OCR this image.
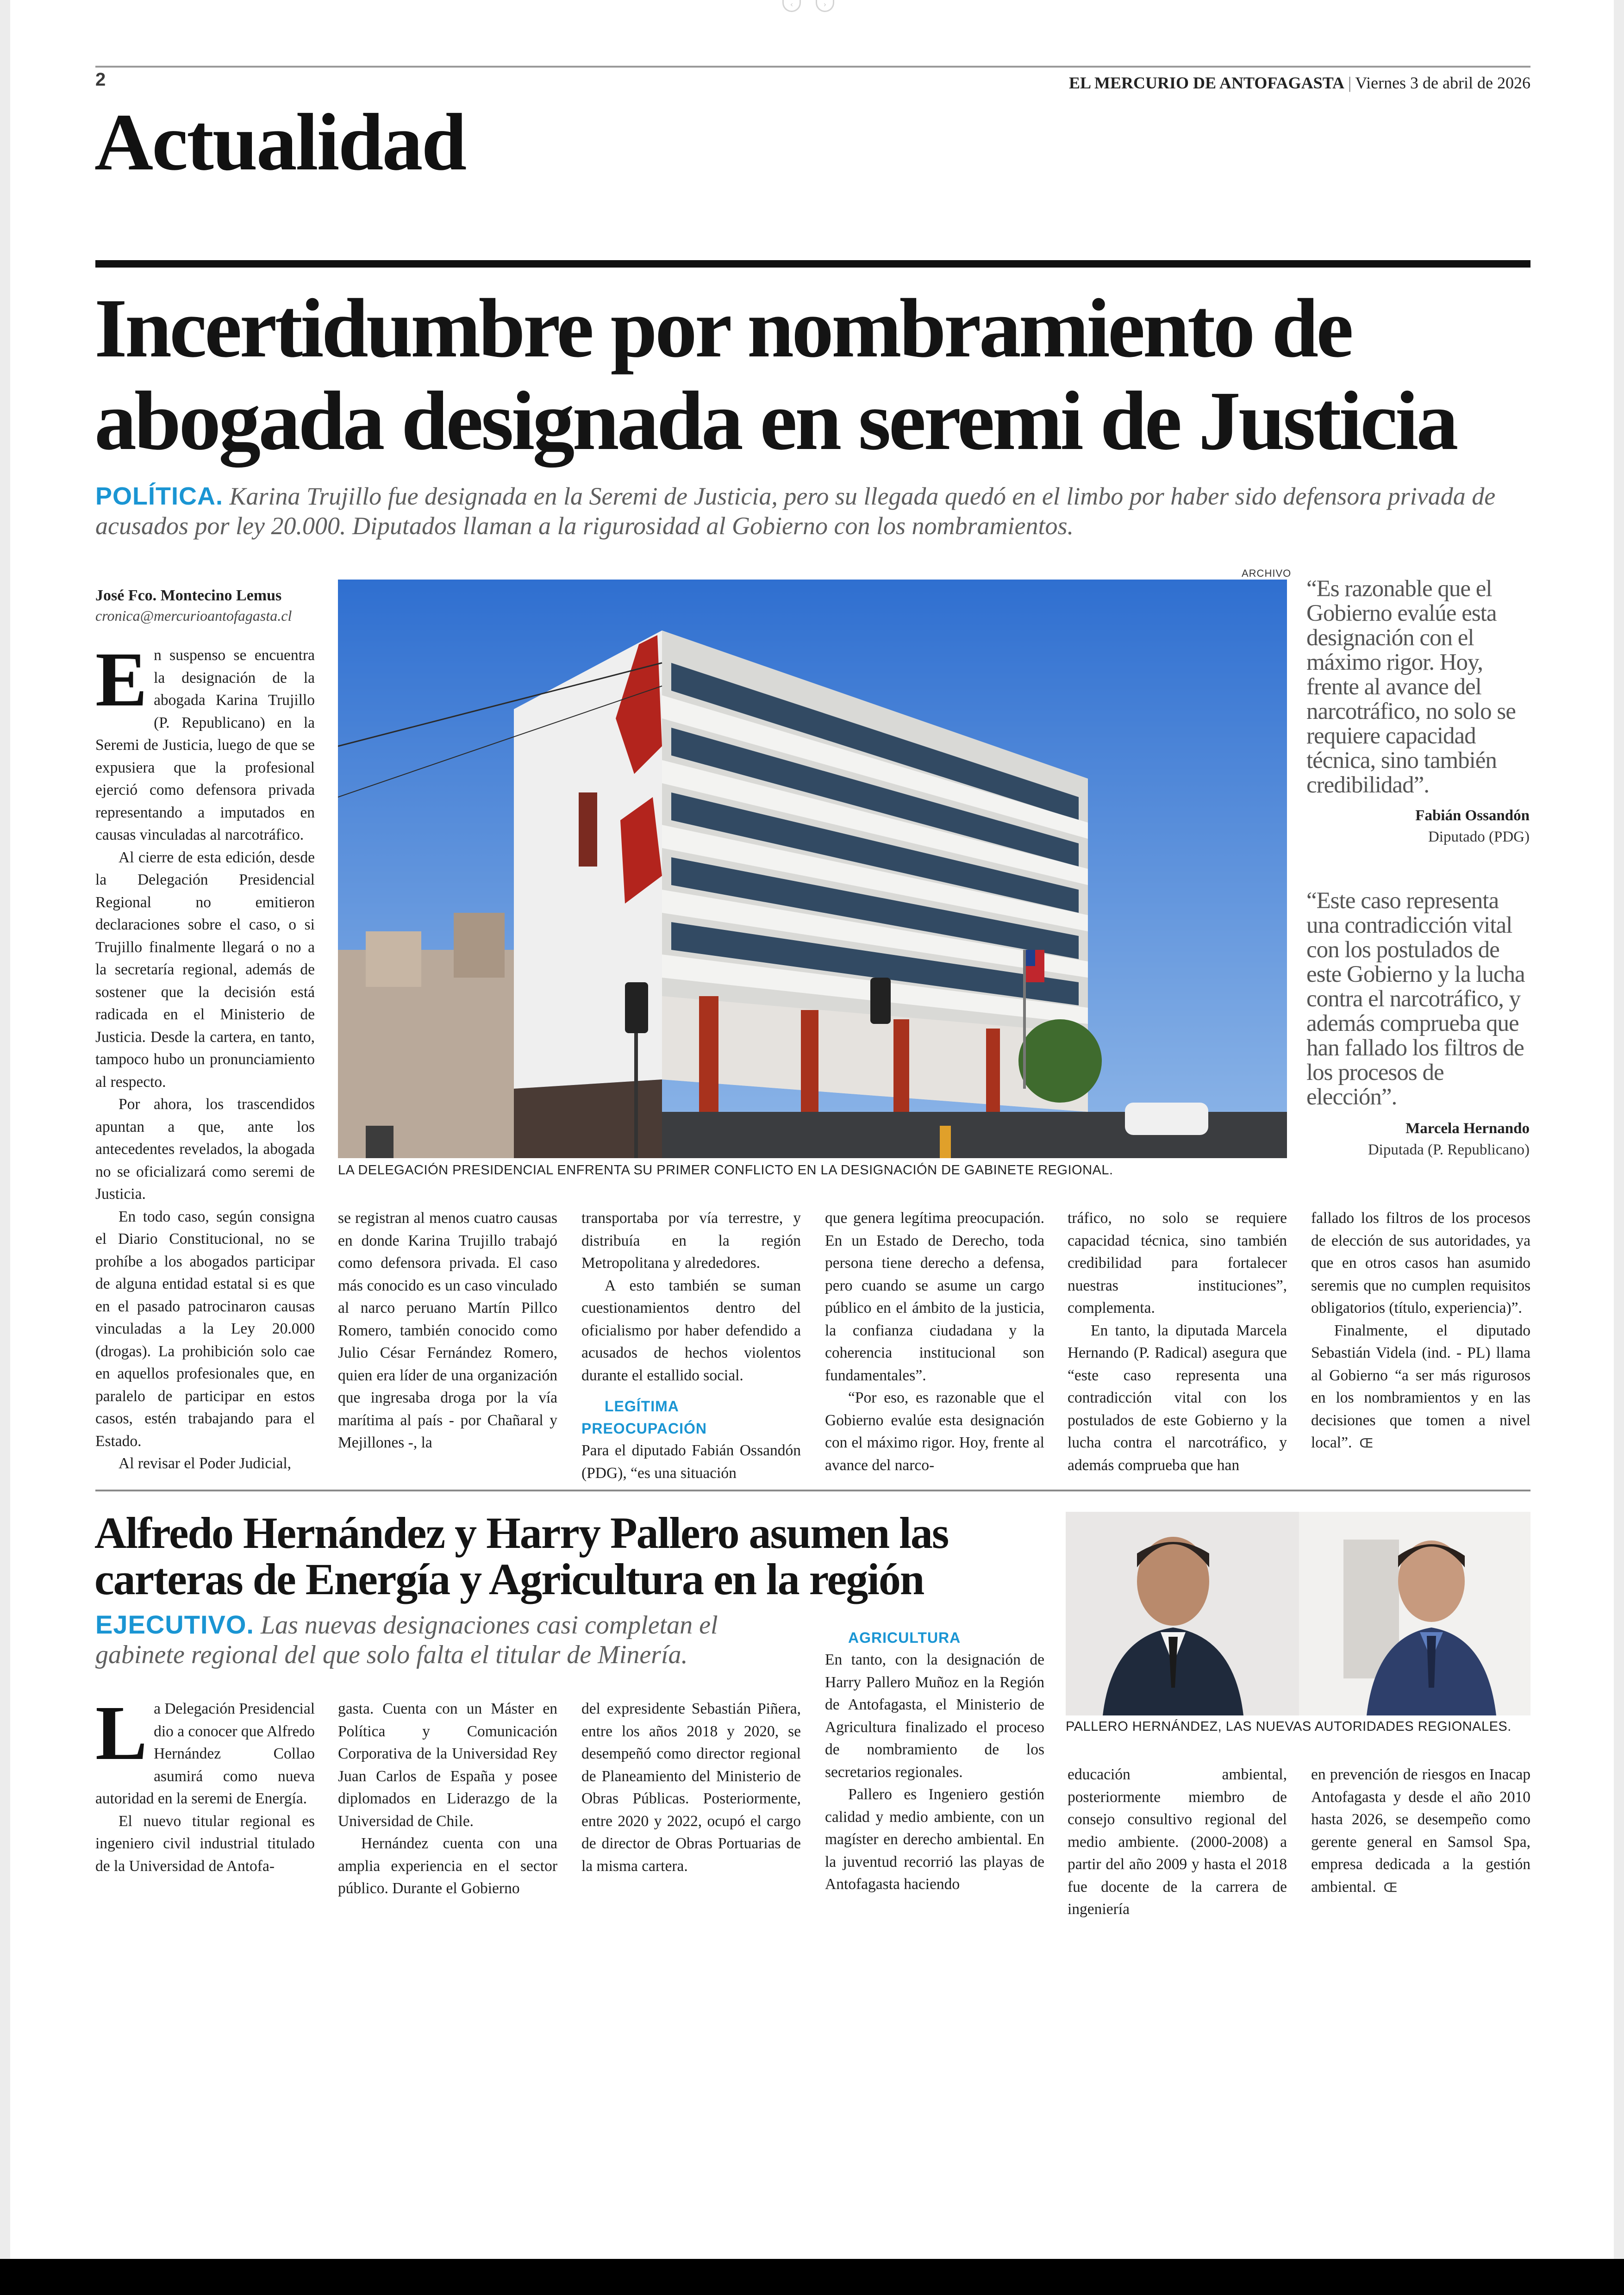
‹	›
2	EL MERCURIO DE ANTOFAGASTA | Viernes 3 de abril de 2026
Actualidad
Incertidumbre por nombramiento de
abogada designada en seremi de Justicia
POLÍTICA. Karina Trujillo fue designada en la Seremi de Justicia, pero su llegada quedó en el limbo por haber sido defensora privada de acusados por ley 20.000. Diputados llaman a la rigurosidad al Gobierno con los nombramientos.
José Fco. Montecino Lemus
cronica@mercurioantofagasta.cl

En suspenso se encuentra la designación de la abogada Karina Trujillo (P. Republicano) en la Seremi de Justicia, luego de que se expusiera que la profesional ejerció como defensora privada representando a imputados en causas vinculadas al narcotráfico.

Al cierre de esta edición, desde la Delegación Presidencial Regional no emitieron declaraciones sobre el caso, o si Trujillo finalmente llegará o no a la secretaría regional, además de sostener que la decisión está radicada en el Ministerio de Justicia. Desde la cartera, en tanto, tampoco hubo un pronunciamiento al respecto.

Por ahora, los trascendidos apuntan a que, ante los antecedentes revelados, la abogada no se oficializará como seremi de Justicia.

En todo caso, según consigna el Diario Constitucional, no se prohíbe a los abogados participar de alguna entidad estatal si es que en el pasado patrocinaron causas vinculadas a la Ley 20.000 (drogas). La prohibición solo cae en aquellos profesionales que, en paralelo de participar en estos casos, estén trabajando para el Estado.

Al revisar el Poder Judicial,

ARCHIVO
LA DELEGACIÓN PRESIDENCIAL ENFRENTA SU PRIMER CONFLICTO EN LA DESIGNACIÓN DE GABINETE REGIONAL.
“Es razonable que el Gobierno evalúe esta designación con el máximo rigor. Hoy, frente al avance del narcotráfico, no solo se requiere capacidad técnica, sino también credibilidad”.
Fabián Ossandón
Diputado (PDG)
“Este caso representa una contradicción vital con los postulados de este Gobierno y la lucha contra el narcotráfico, y además comprueba que han fallado los filtros de los procesos de elección”.
Marcela Hernando
Diputada (P. Republicano)

se registran al menos cuatro causas en donde Karina Trujillo trabajó como defensora privada. El caso más conocido es un caso vinculado al narco peruano Martín Pillco Romero, también conocido como Julio César Fernández Romero, quien era líder de una organización que ingresaba droga por la vía marítima al país - por Chañaral y Mejillones -, la

transportaba por vía terrestre, y distribuía en la región Metropolitana y alrededores.

A esto también se suman cuestionamientos dentro del oficialismo por haber defendido a acusados de hechos violentos durante el estallido social.

LEGÍTIMA PREOCUPACIÓN

Para el diputado Fabián Ossandón (PDG), “es una situación

que genera legítima preocupación. En un Estado de Derecho, toda persona tiene derecho a defensa, pero cuando se asume un cargo público en el ámbito de la justicia, la confianza ciudadana y la coherencia institucional son fundamentales”.

“Por eso, es razonable que el Gobierno evalúe esta designación con el máximo rigor. Hoy, frente al avance del narco-

tráfico, no solo se requiere capacidad técnica, sino también credibilidad para fortalecer nuestras instituciones”, complementa.

En tanto, la diputada Marcela Hernando (P. Radical) asegura que “este caso representa una contradicción vital con los postulados de este Gobierno y la lucha contra el narcotráfico, y además comprueba que han

fallado los filtros de los procesos de elección de sus autoridades, ya que en otros casos han asumido seremis que no cumplen requisitos obligatorios (título, experiencia)”.

Finalmente, el diputado Sebastián Videla (ind. - PL) llama al Gobierno “a ser más rigurosos en los nombramientos y en las decisiones que tomen a nivel local”. Œ

Alfredo Hernández y Harry Pallero asumen las
carteras de Energía y Agricultura en la región
EJECUTIVO. Las nuevas designaciones casi completan el gabinete regional del que solo falta el titular de Minería.
PALLERO HERNÁNDEZ, LAS NUEVAS AUTORIDADES REGIONALES.

La Delegación Presidencial dio a conocer que Alfredo Hernández Collao asumirá como nueva autoridad en la seremi de Energía.

El nuevo titular regional es ingeniero civil industrial titulado de la Universidad de Antofa-

gasta. Cuenta con un Máster en Política y Comunicación Corporativa de la Universidad Rey Juan Carlos de España y posee diplomados en Liderazgo de la Universidad de Chile.

Hernández cuenta con una amplia experiencia en el sector público. Durante el Gobierno

del expresidente Sebastián Piñera, entre los años 2018 y 2020, se desempeñó como director regional de Planeamiento del Ministerio de Obras Públicas. Posteriormente, entre 2020 y 2022, ocupó el cargo de director de Obras Portuarias de la misma cartera.

AGRICULTURA

En tanto, con la designación de Harry Pallero Muñoz en la Región de Antofagasta, el Ministerio de Agricultura finalizado el proceso de nombramiento de los secretarios regionales.

Pallero es Ingeniero gestión calidad y medio ambiente, con un magíster en derecho ambiental. En la juventud recorrió las playas de Antofagasta haciendo

educación ambiental, posteriormente miembro de consejo consultivo regional del medio ambiente. (2000-2008) a partir del año 2009 y hasta el 2018 fue docente de la carrera de ingeniería

en prevención de riesgos en Inacap Antofagasta y desde el año 2010 hasta 2026, se desempeño como gerente general en Samsol Spa, empresa dedicada a la gestión ambiental. Œ
